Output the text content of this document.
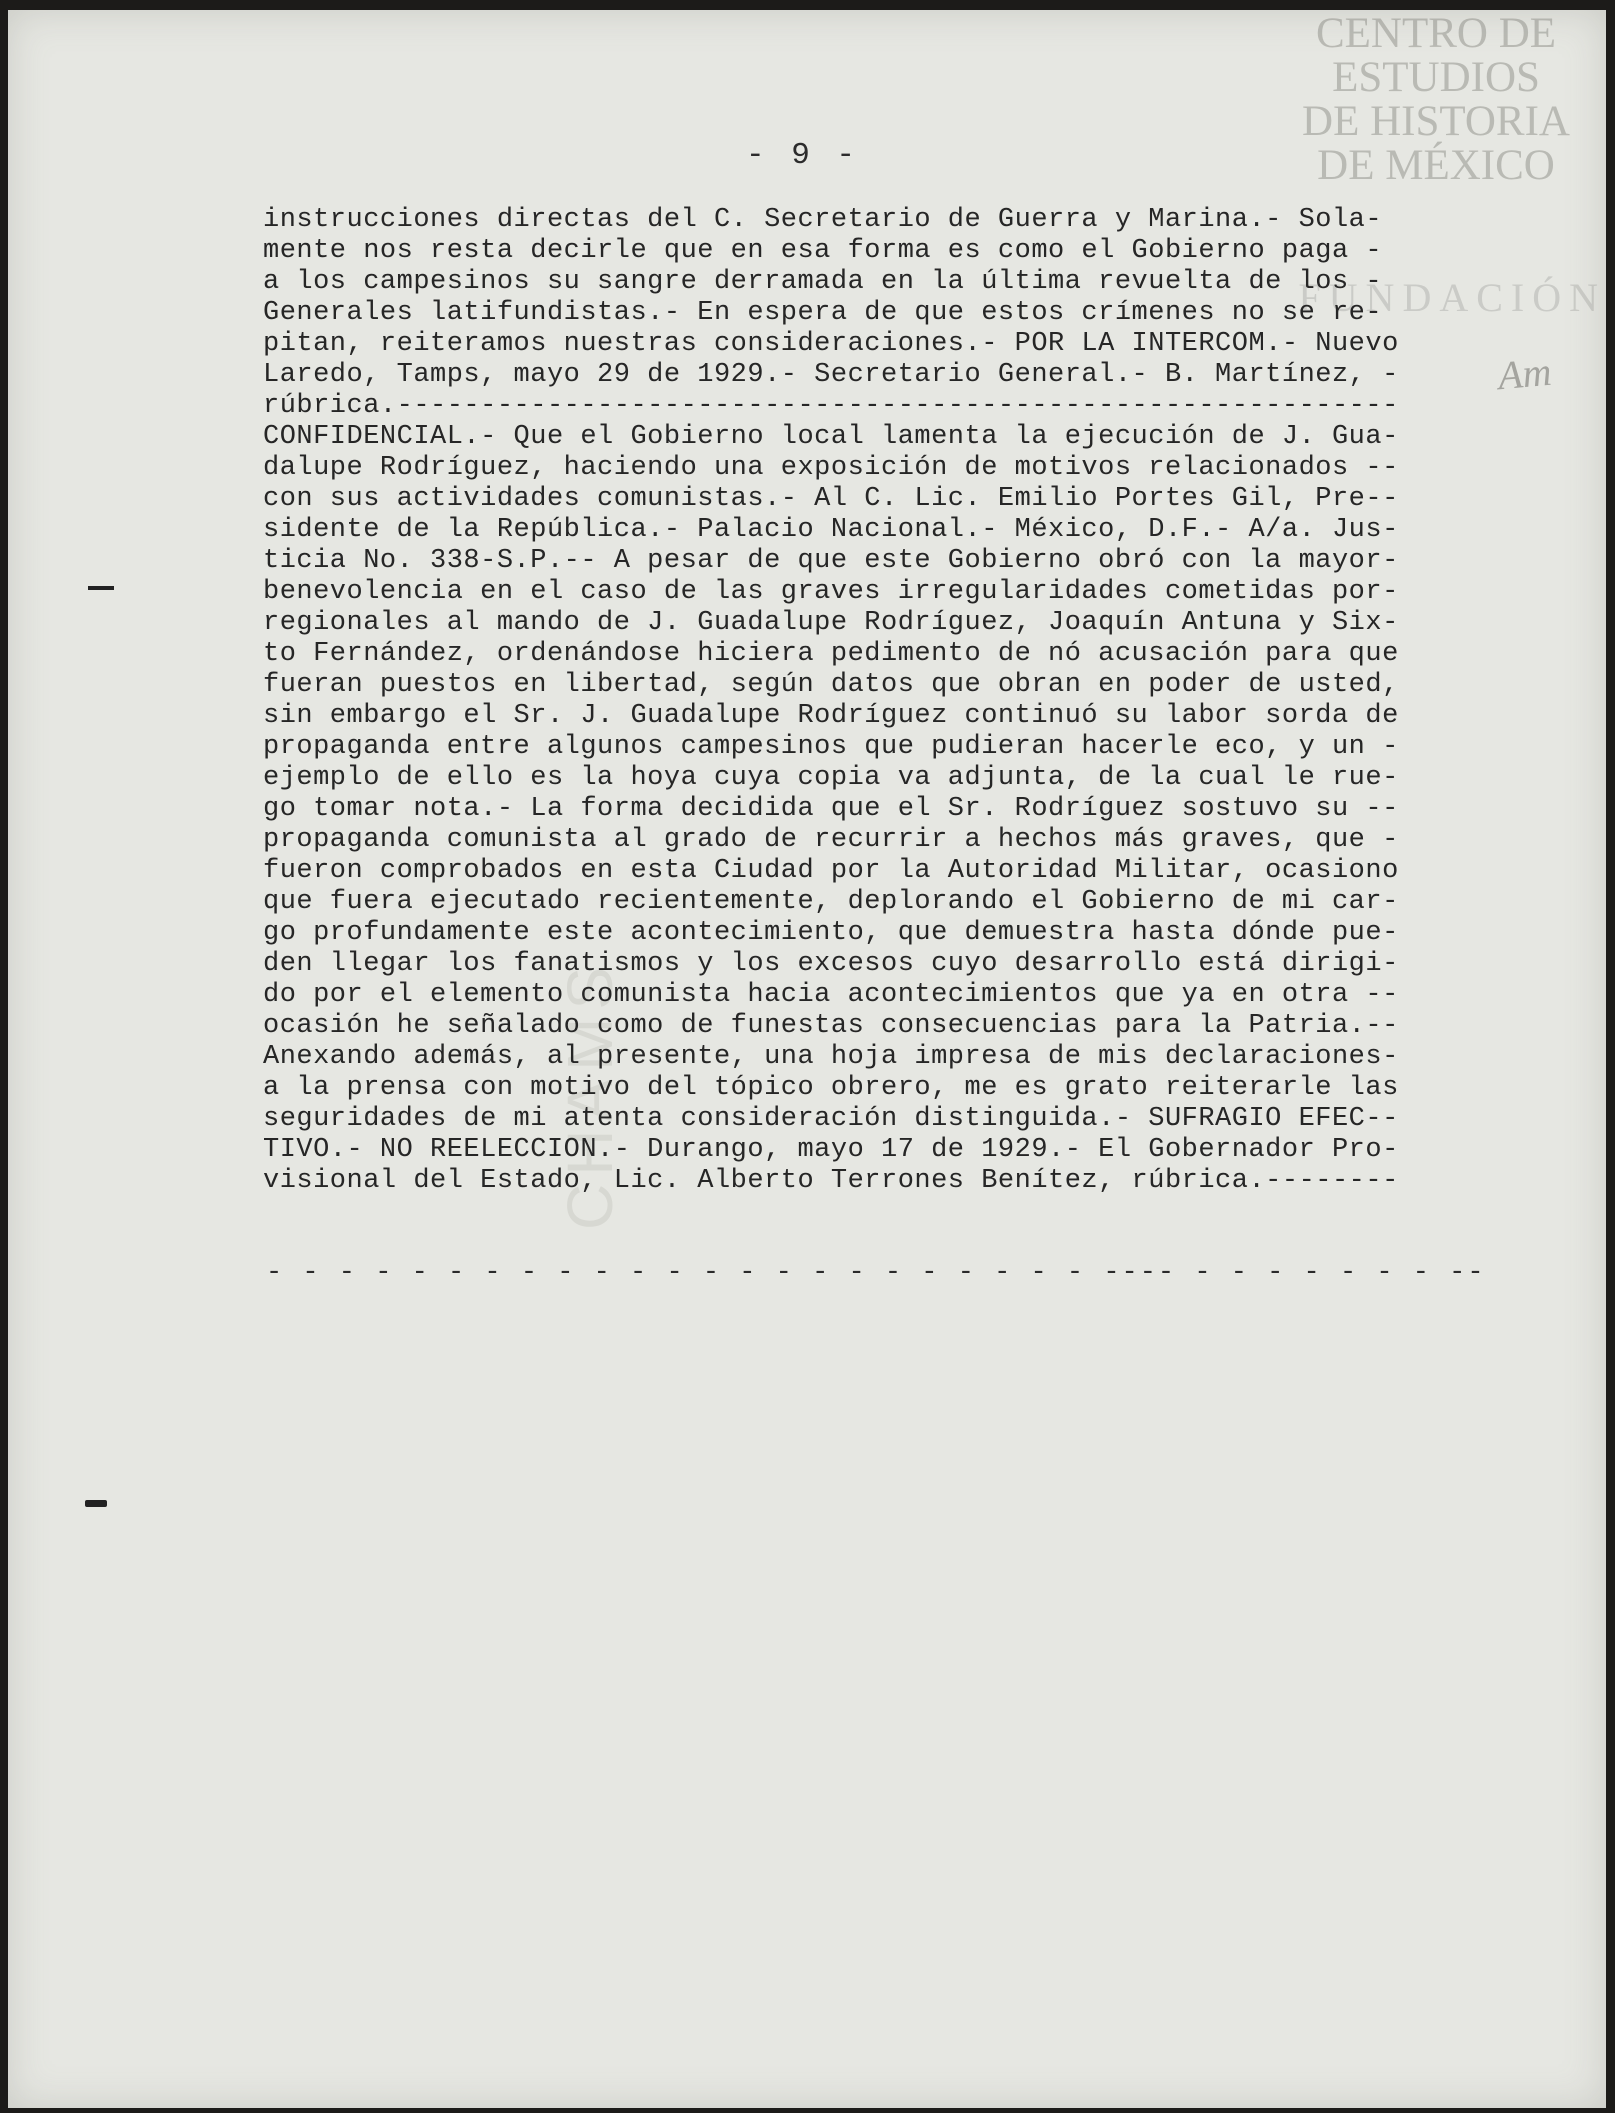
CENTRO DE
ESTUDIOS
DE HISTORIA
DE MÉXICO
FUNDACIÓN
CHAMS
- 9 -
instrucciones directas del C. Secretario de Guerra y Marina.- Sola-
mente nos resta decirle que en esa forma es como el Gobierno paga -
a los campesinos su sangre derramada en la última revuelta de los -
Generales latifundistas.- En espera de que estos crímenes no se re-
pitan, reiteramos nuestras consideraciones.- POR LA INTERCOM.- Nuevo
Laredo, Tamps, mayo 29 de 1929.- Secretario General.- B. Martínez, -
rúbrica.------------------------------------------------------------
CONFIDENCIAL.- Que el Gobierno local lamenta la ejecución de J. Gua-
dalupe Rodríguez, haciendo una exposición de motivos relacionados --
con sus actividades comunistas.- Al C. Lic. Emilio Portes Gil, Pre--
sidente de la República.- Palacio Nacional.- México, D.F.- A/a. Jus-
ticia No. 338-S.P.-- A pesar de que este Gobierno obró con la mayor-
benevolencia en el caso de las graves irregularidades cometidas por-
regionales al mando de J. Guadalupe Rodríguez, Joaquín Antuna y Six-
to Fernández, ordenándose hiciera pedimento de nó acusación para que
fueran puestos en libertad, según datos que obran en poder de usted,
sin embargo el Sr. J. Guadalupe Rodríguez continuó su labor sorda de
propaganda entre algunos campesinos que pudieran hacerle eco, y un -
ejemplo de ello es la hoya cuya copia va adjunta, de la cual le rue-
go tomar nota.- La forma decidida que el Sr. Rodríguez sostuvo su --
propaganda comunista al grado de recurrir a hechos más graves, que -
fueron comprobados en esta Ciudad por la Autoridad Militar, ocasiono
que fuera ejecutado recientemente, deplorando el Gobierno de mi car-
go profundamente este acontecimiento, que demuestra hasta dónde pue-
den llegar los fanatismos y los excesos cuyo desarrollo está dirigi-
do por el elemento comunista hacia acontecimientos que ya en otra --
ocasión he señalado como de funestas consecuencias para la Patria.--
Anexando además, al presente, una hoja impresa de mis declaraciones-
a la prensa con motivo del tópico obrero, me es grato reiterarle las
seguridades de mi atenta consideración distinguida.- SUFRAGIO EFEC--
TIVO.- NO REELECCION.- Durango, mayo 17 de 1929.- El Gobernador Pro-
visional del Estado, Lic. Alberto Terrones Benítez, rúbrica.--------
- - - - - - - - - - - - - - - - - - - - - - - ---- - - - - - - - --
Am
